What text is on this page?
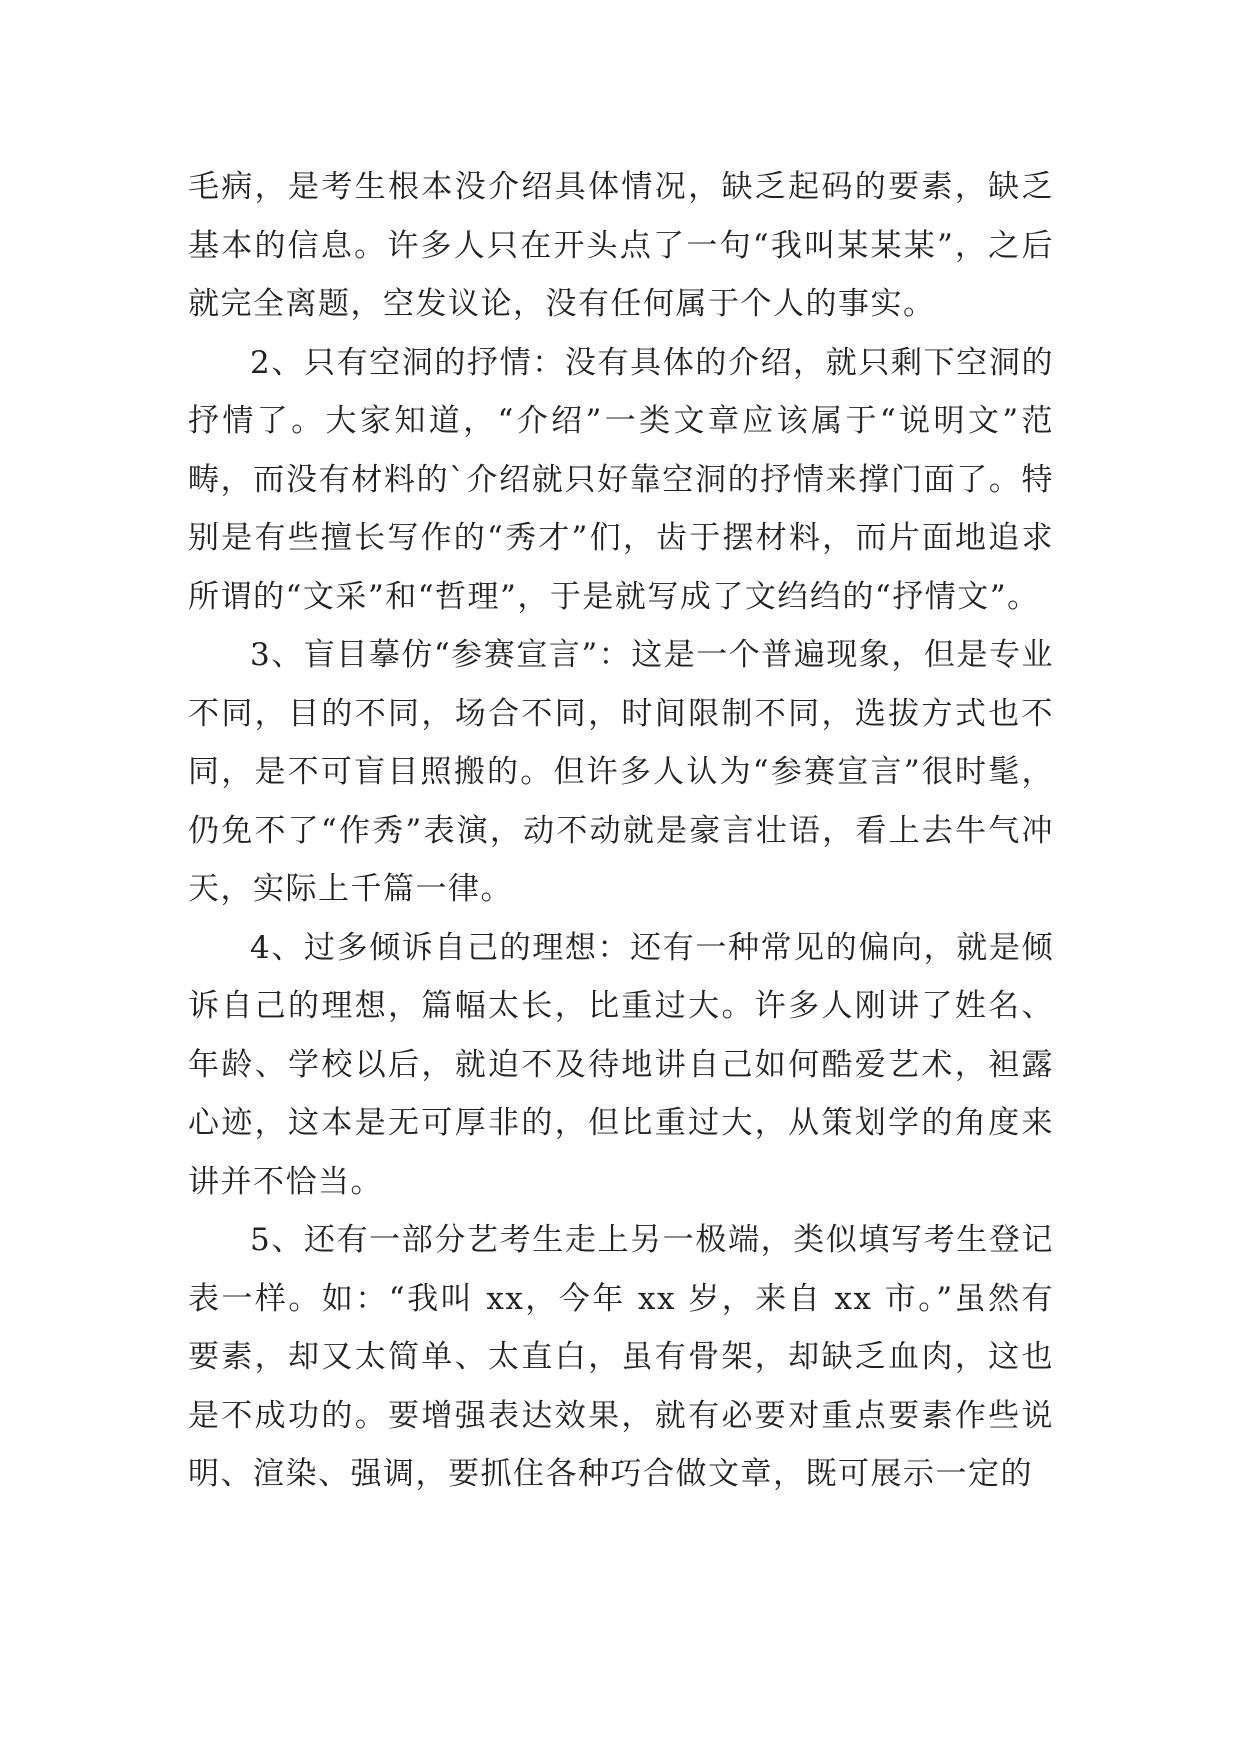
毛病，是考生根本没介绍具体情况，缺乏起码的要素，缺乏基本的信息。许多人只在开头点了一句“我叫某某某”，之后就完全离题，空发议论，没有任何属于个人的事实。

2、只有空洞的抒情：没有具体的介绍，就只剩下空洞的抒情了。大家知道，“介绍”一类文章应该属于“说明文”范畴，而没有材料的`介绍就只好靠空洞的抒情来撑门面了。特别是有些擅长写作的“秀才”们，齿于摆材料，而片面地追求所谓的“文采”和“哲理”，于是就写成了文绉绉的“抒情文”。

3、盲目摹仿“参赛宣言”：这是一个普遍现象，但是专业不同，目的不同，场合不同，时间限制不同，选拔方式也不同，是不可盲目照搬的。但许多人认为“参赛宣言”很时髦，仍免不了“作秀”表演，动不动就是豪言壮语，看上去牛气冲天，实际上千篇一律。

4、过多倾诉自己的理想：还有一种常见的偏向，就是倾诉自己的理想，篇幅太长，比重过大。许多人刚讲了姓名、年龄、学校以后，就迫不及待地讲自己如何酷爱艺术，袒露心迹，这本是无可厚非的，但比重过大，从策划学的角度来讲并不恰当。

5、还有一部分艺考生走上另一极端，类似填写考生登记表一样。如：“我叫 xx，今年 xx 岁，来自 xx 市。”虽然有要素，却又太简单、太直白，虽有骨架，却缺乏血肉，这也是不成功的。要增强表达效果，就有必要对重点要素作些说明、渲染、强调，要抓住各种巧合做文章，既可展示一定的
